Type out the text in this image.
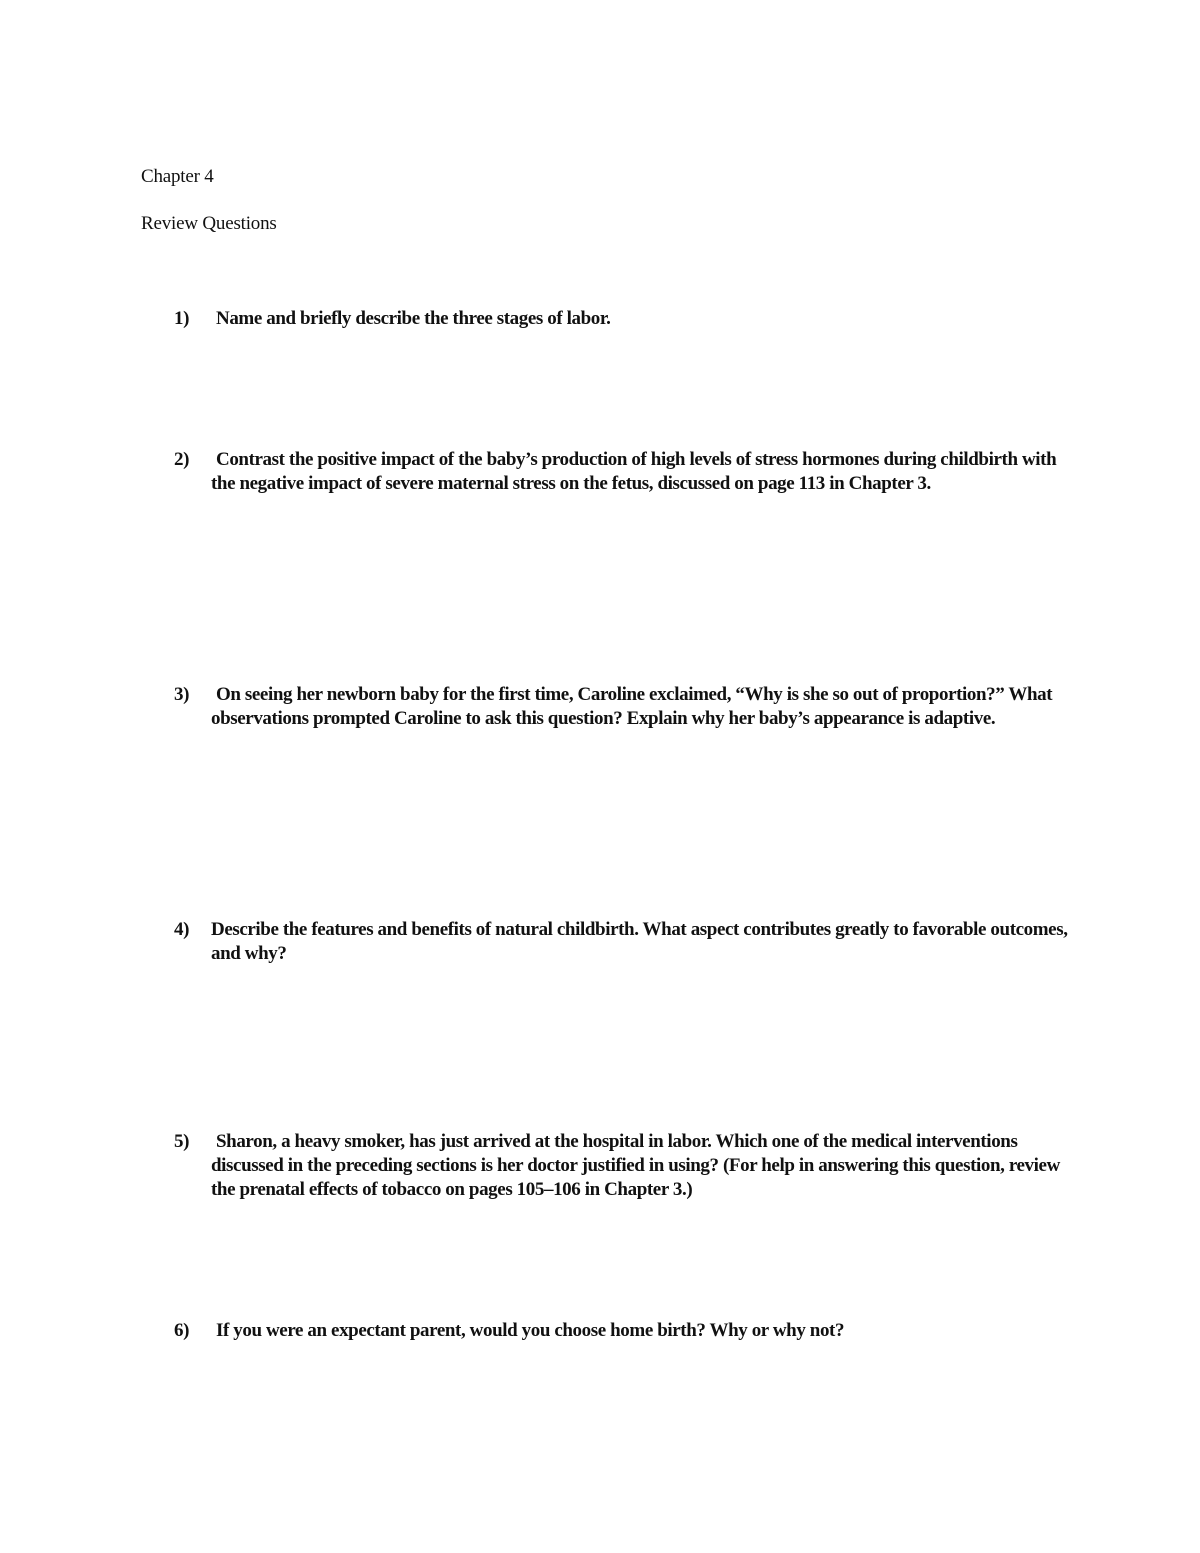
Chapter 4
Review Questions
1)	Name and briefly describe the three stages of labor.
2)	Contrast the positive impact of the baby’s production of high levels of stress hormones during childbirth with the negative impact of severe maternal stress on the fetus, discussed on page 113 in Chapter 3.
3)	On seeing her newborn baby for the first time, Caroline exclaimed, “Why is she so out of proportion?” What observations prompted Caroline to ask this question? Explain why her baby’s appearance is adaptive.
4)	Describe the features and benefits of natural childbirth. What aspect contributes greatly to favorable outcomes, and why?
5)	Sharon, a heavy smoker, has just arrived at the hospital in labor. Which one of the medical interventions discussed in the preceding sections is her doctor justified in using? (For help in answering this question, review the prenatal effects of tobacco on pages 105–106 in Chapter 3.)
6)	If you were an expectant parent, would you choose home birth? Why or why not?
